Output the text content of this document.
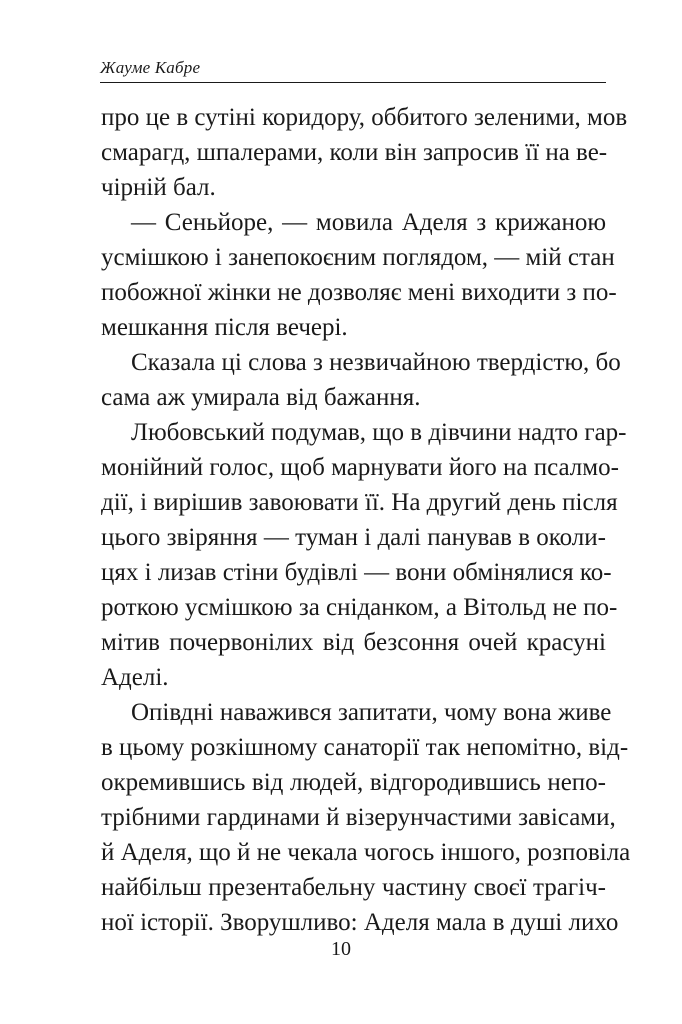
Жауме Кабре
про це в сутіні коридору, оббитого зеленими, мов
смарагд, шпалерами, коли він запросив її на ве-
чірній бал.
— Сеньйоре, — мовила Аделя з крижаною
усмішкою і занепокоєним поглядом, — мій стан
побожної жінки не дозволяє мені виходити з по-
мешкання після вечері.
Сказала ці слова з незвичайною твердістю, бо
сама аж умирала від бажання.
Любовський подумав, що в дівчини надто гар-
монійний голос, щоб марнувати його на псалмо-
дії, і вирішив завоювати її. На другий день після
цього звіряння — туман і далі панував в околи-
цях і лизав стіни будівлі — вони обмінялися ко-
роткою усмішкою за сніданком, а Вітольд не по-
мітив почервонілих від безсоння очей красуні
Аделі.
Опівдні наважився запитати, чому вона живе
в цьому розкішному санаторії так непомітно, від-
окремившись від людей, відгородившись непо-
трібними гардинами й візерунчастими завісами,
й Аделя, що й не чекала чогось іншого, розповіла
найбільш презентабельну частину своєї трагіч-
ної історії. Зворушливо: Аделя мала в душі лихо
10
